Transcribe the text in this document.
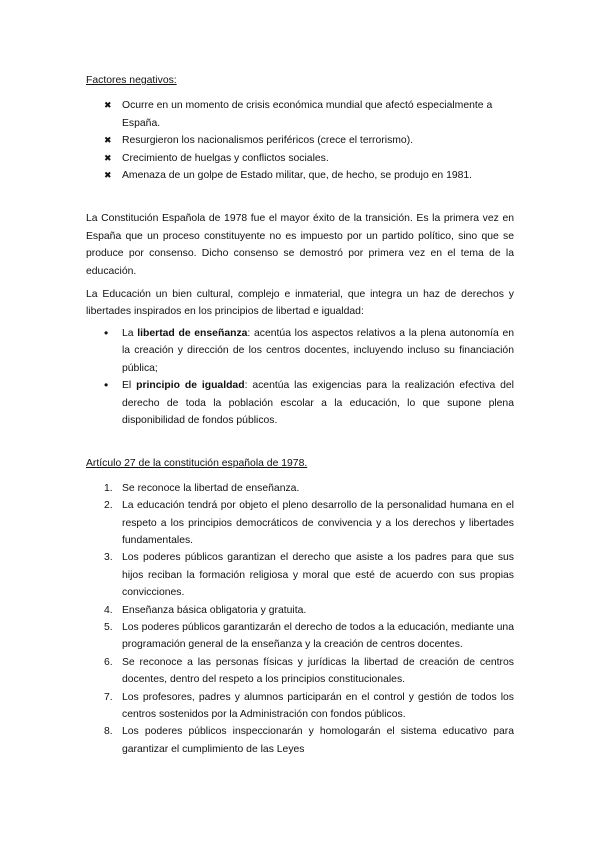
Factores negativos:

✖ Ocurre en un momento de crisis económica mundial que afectó especialmente a España.
✖ Resurgieron los nacionalismos periféricos (crece el terrorismo).
✖ Crecimiento de huelgas y conflictos sociales.
✖ Amenaza de un golpe de Estado militar, que, de hecho, se produjo en 1981.

La Constitución Española de 1978 fue el mayor éxito de la transición. Es la primera vez en España que un proceso constituyente no es impuesto por un partido político, sino que se produce por consenso. Dicho consenso se demostró por primera vez en el tema de la educación.

La Educación un bien cultural, complejo e inmaterial, que integra un haz de derechos y libertades inspirados en los principios de libertad e igualdad:

• La libertad de enseñanza: acentúa los aspectos relativos a la plena autonomía en la creación y dirección de los centros docentes, incluyendo incluso su financiación pública;
• El principio de igualdad: acentúa las exigencias para la realización efectiva del derecho de toda la población escolar a la educación, lo que supone plena disponibilidad de fondos públicos.

Artículo 27 de la constitución española de 1978.

1. Se reconoce la libertad de enseñanza.
2. La educación tendrá por objeto el pleno desarrollo de la personalidad humana en el respeto a los principios democráticos de convivencia y a los derechos y libertades fundamentales.
3. Los poderes públicos garantizan el derecho que asiste a los padres para que sus hijos reciban la formación religiosa y moral que esté de acuerdo con sus propias convicciones.
4. Enseñanza básica obligatoria y gratuita.
5. Los poderes públicos garantizarán el derecho de todos a la educación, mediante una programación general de la enseñanza y la creación de centros docentes.
6. Se reconoce a las personas físicas y jurídicas la libertad de creación de centros docentes, dentro del respeto a los principios constitucionales.
7. Los profesores, padres y alumnos participarán en el control y gestión de todos los centros sostenidos por la Administración con fondos públicos.
8. Los poderes públicos inspeccionarán y homologarán el sistema educativo para garantizar el cumplimiento de las Leyes
